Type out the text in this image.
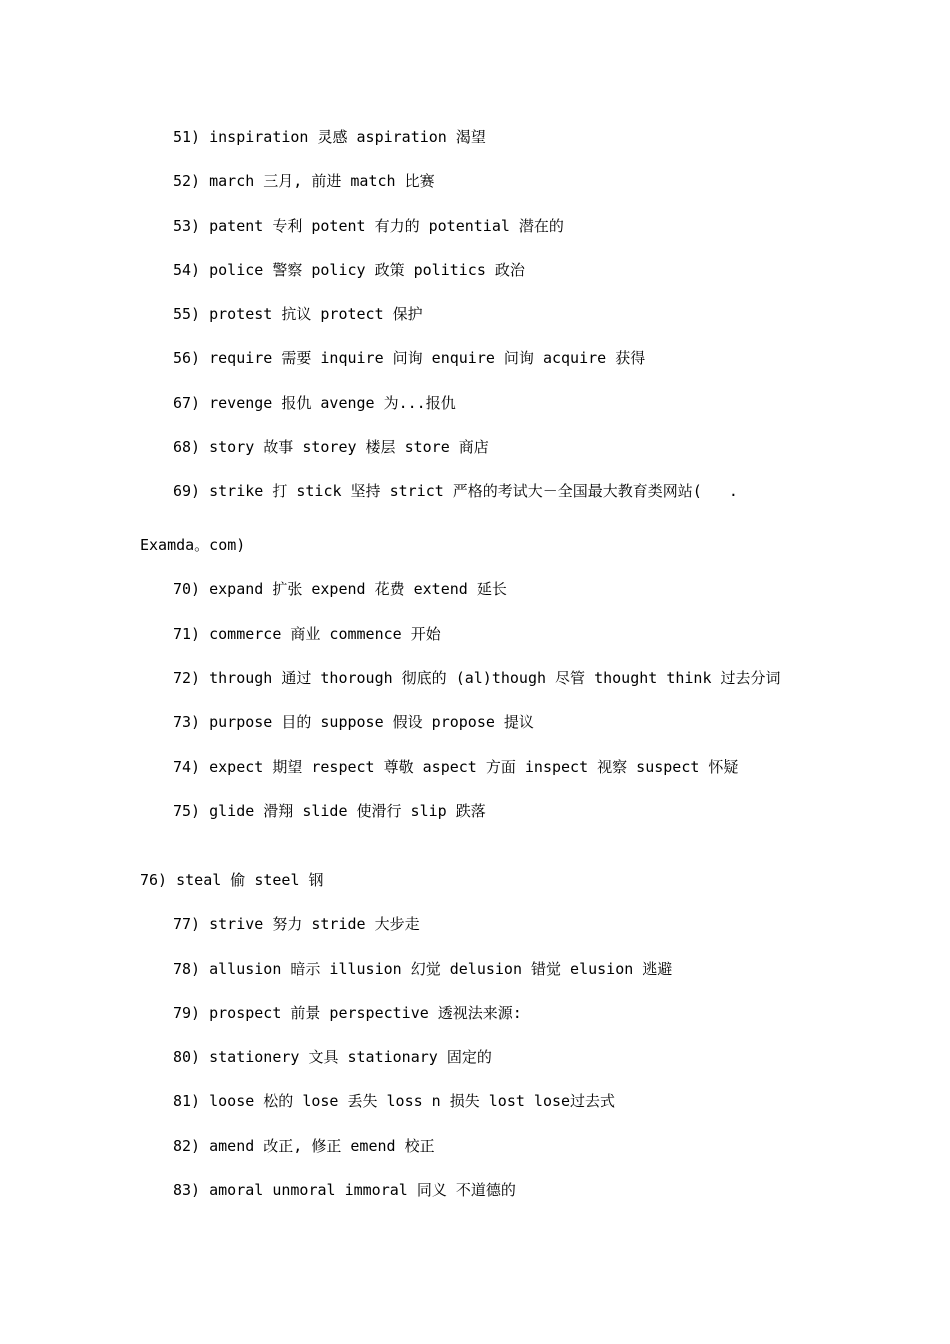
51) inspiration 灵感 aspiration 渴望
52) march 三月, 前进 match 比赛
53) patent 专利 potent 有力的 potential 潜在的
54) police 警察 policy 政策 politics 政治
55) protest 抗议 protect 保护
56) require 需要 inquire 问询 enquire 问询 acquire 获得
67) revenge 报仇 avenge 为...报仇
68) story 故事 storey 楼层 store 商店
69) strike 打 stick 坚持 strict 严格的考试大－全国最大教育类网站(   .
Examda。com)
70) expand 扩张 expend 花费 extend 延长
71) commerce 商业 commence 开始
72) through 通过 thorough 彻底的 (al)though 尽管 thought think 过去分词
73) purpose 目的 suppose 假设 propose 提议
74) expect 期望 respect 尊敬 aspect 方面 inspect 视察 suspect 怀疑
75) glide 滑翔 slide 使滑行 slip 跌落
76) steal 偷 steel 钢
77) strive 努力 stride 大步走
78) allusion 暗示 illusion 幻觉 delusion 错觉 elusion 逃避
79) prospect 前景 perspective 透视法来源:
80) stationery 文具 stationary 固定的
81) loose 松的 lose 丢失 loss n 损失 lost lose过去式
82) amend 改正, 修正 emend 校正
83) amoral unmoral immoral 同义 不道德的
